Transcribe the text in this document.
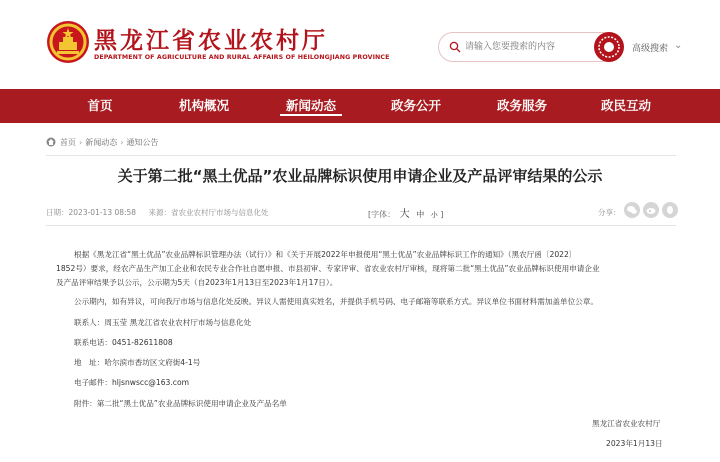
黑龙江省农业农村厅
DEPARTMENT OF AGRICULTURE AND RURAL AFFAIRS OF HEILONGJIANG PROVINCE
请输入您要搜索的内容
高级搜索 ⌄
首页	机构概况	新闻动态	政务公开	政务服务	政民互动
首页 › 新闻动态 › 通知公告
关于第二批“黑土优品”农业品牌标识使用申请企业及产品评审结果的公示
日期：2023-01-13 08:58 来源：省农业农村厅市场与信息化处	[字体： 大 中 小 ]	分享：
根据《黑龙江省“黑土优品”农业品牌标识管理办法（试行）》和《关于开展2022年申报使用“黑土优品”农业品牌标识工作的通知》（黑农厅函〔2022〕
1852号）要求，经农产品生产加工企业和农民专业合作社自愿申报、市县初审、专家评审、省农业农村厅审核，现将第二批“黑土优品”农业品牌标识使用申请企业
及产品评审结果予以公示，公示期为5天（自2023年1月13日至2023年1月17日）。
公示期内，如有异议，可向我厅市场与信息化处反映。异议人需使用真实姓名，并提供手机号码、电子邮箱等联系方式。异议单位书面材料需加盖单位公章。
联系人：周玉莹 黑龙江省农业农村厅市场与信息化处
联系电话：0451-82611808
地　址：哈尔滨市香坊区文府街4-1号
电子邮件：hljsnwscc@163.com
附件：第二批“黑土优品”农业品牌标识使用申请企业及产品名单
黑龙江省农业农村厅
2023年1月13日
